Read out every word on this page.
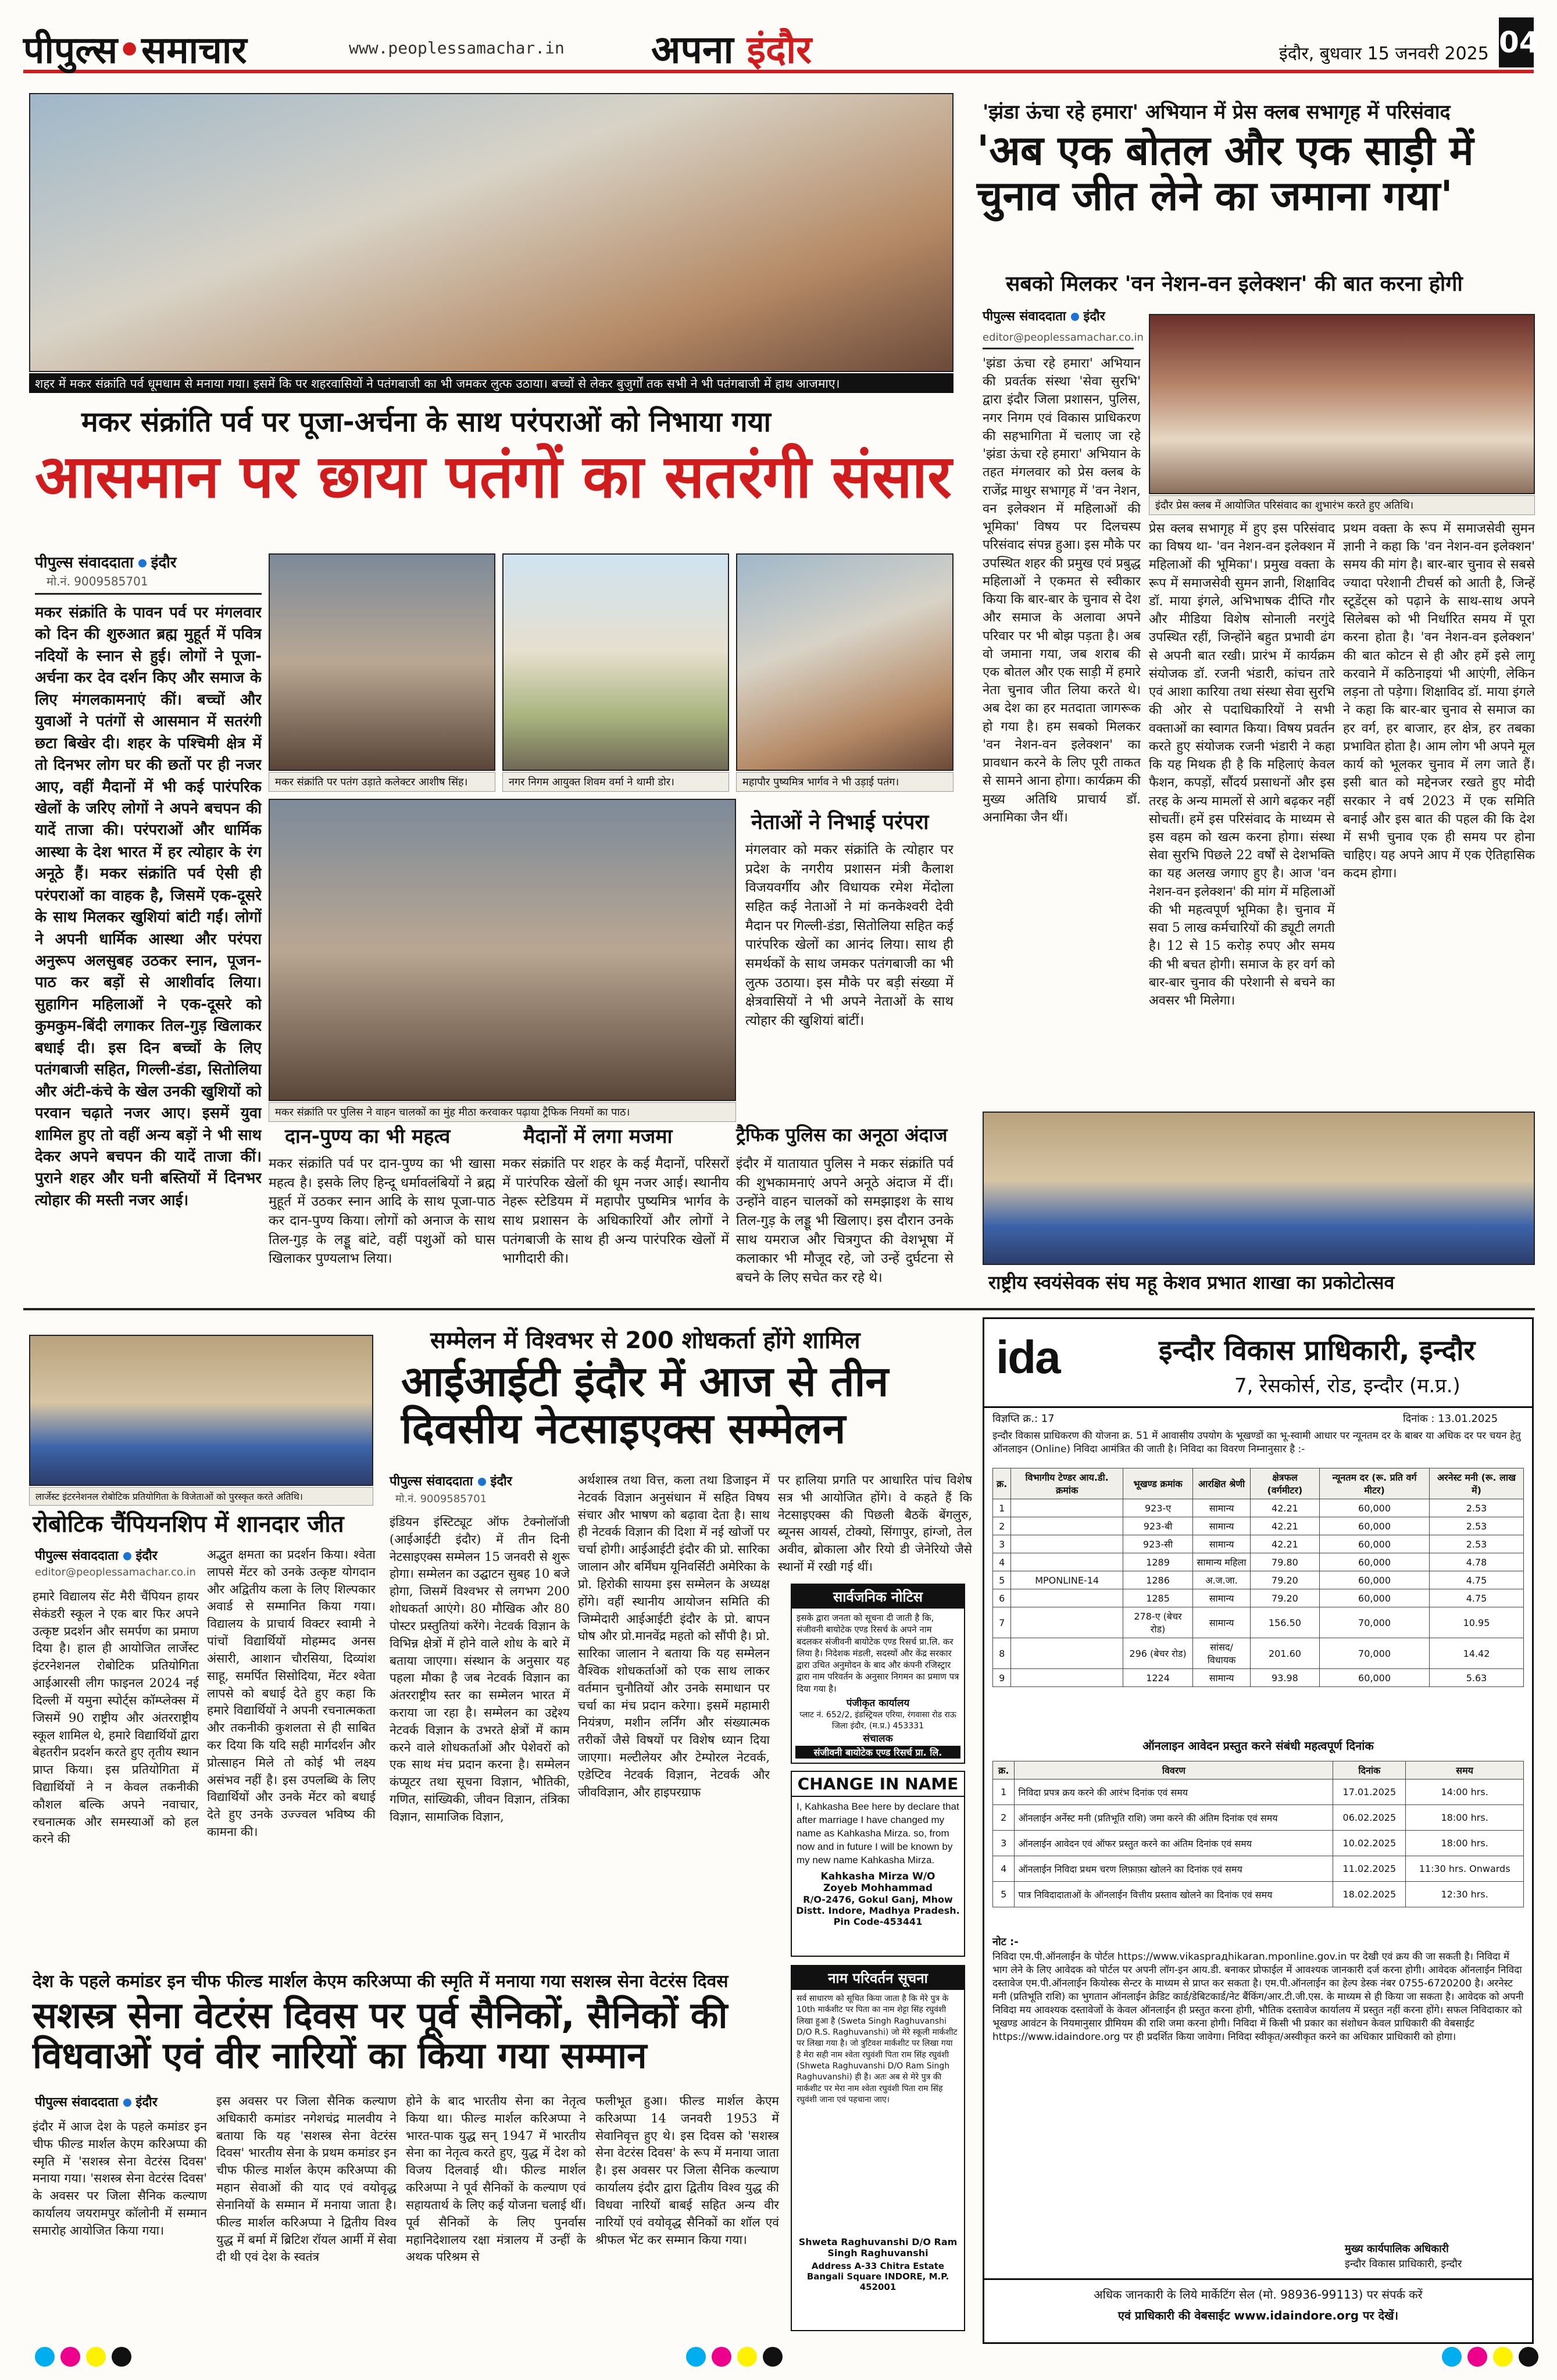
पीपुल्स•समाचार	www.peoplessamachar.in अपना इंदौर	इंदौर, बुधवार 15 जनवरी 2025 04
शहर में मकर संक्रांति पर्व धूमधाम से मनाया गया। इसमें कि पर शहरवासियों ने पतंगबाजी का भी जमकर लुत्फ उठाया। बच्चों से लेकर बुजुर्गों तक सभी ने भी पतंगबाजी में हाथ आजमाए।
मकर संक्रांति पर्व पर पूजा-अर्चना के साथ परंपराओं को निभाया गया
आसमान पर छाया पतंगों का सतरंगी संसार
पीपुल्स संवाददाता इंदौर
मो.नं. 9009585701
मकर संक्रांति के पावन पर्व पर मंगलवार को दिन की शुरुआत ब्रह्म मुहूर्त में पवित्र नदियों के स्नान से हुई। लोगों ने पूजा-अर्चना कर देव दर्शन किए और समाज के लिए मंगलकामनाएं कीं। बच्चों और युवाओं ने पतंगों से आसमान में सतरंगी छटा बिखेर दी। शहर के पश्चिमी क्षेत्र में तो दिनभर लोग घर की छतों पर ही नजर आए, वहीं मैदानों में भी कई पारंपरिक खेलों के जरिए लोगों ने अपने बचपन की यादें ताजा की। परंपराओं और धार्मिक आस्था के देश भारत में हर त्योहार के रंग अनूठे हैं। मकर संक्रांति पर्व ऐसी ही परंपराओं का वाहक है, जिसमें एक-दूसरे के साथ मिलकर खुशियां बांटी गईं। लोगों ने अपनी धार्मिक आस्था और परंपरा अनुरूप अलसुबह उठकर स्नान, पूजन-पाठ कर बड़ों से आशीर्वाद लिया। सुहागिन महिलाओं ने एक-दूसरे को कुमकुम-बिंदी लगाकर तिल-गुड़ खिलाकर बधाई दी। इस दिन बच्चों के लिए पतंगबाजी सहित, गिल्ली-डंडा, सितोलिया और अंटी-कंचे के खेल उनकी खुशियों को परवान चढ़ाते नजर आए। इसमें युवा शामिल हुए तो वहीं अन्य बड़ों ने भी साथ देकर अपने बचपन की यादें ताजा कीं। पुराने शहर और घनी बस्तियों में दिनभर त्योहार की मस्ती नजर आई।
मकर संक्रांति पर पतंग उड़ाते कलेक्टर आशीष सिंह।	नगर निगम आयुक्त शिवम वर्मा ने थामी डोर।	महापौर पुष्यमित्र भार्गव ने भी उड़ाई पतंग।
मकर संक्रांति पर पुलिस ने वाहन चालकों का मुंह मीठा करवाकर पढ़ाया ट्रैफिक नियमों का पाठ।
नेताओं ने निभाई परंपरा
मंगलवार को मकर संक्रांति के त्योहार पर प्रदेश के नगरीय प्रशासन मंत्री कैलाश विजयवर्गीय और विधायक रमेश मेंदोला सहित कई नेताओं ने मां कनकेश्वरी देवी मैदान पर गिल्ली-डंडा, सितोलिया सहित कई पारंपरिक खेलों का आनंद लिया। साथ ही समर्थकों के साथ जमकर पतंगबाजी का भी लुत्फ उठाया। इस मौके पर बड़ी संख्या में क्षेत्रवासियों ने भी अपने नेताओं के साथ त्योहार की खुशियां बांटीं।
दान-पुण्य का भी महत्व
मकर संक्रांति पर्व पर दान-पुण्य का भी खासा महत्व है। इसके लिए हिन्दू धर्मावलंबियों ने ब्रह्म मुहूर्त में उठकर स्नान आदि के साथ पूजा-पाठ कर दान-पुण्य किया। लोगों को अनाज के साथ तिल-गुड़ के लड्डू बांटे, वहीं पशुओं को घास खिलाकर पुण्यलाभ लिया।
मैदानों में लगा मजमा
मकर संक्रांति पर शहर के कई मैदानों, परिसरों में पारंपरिक खेलों की धूम नजर आई। स्थानीय नेहरू स्टेडियम में महापौर पुष्यमित्र भार्गव के साथ प्रशासन के अधिकारियों और लोगों ने पतंगबाजी के साथ ही अन्य पारंपरिक खेलों में भागीदारी की।
ट्रैफिक पुलिस का अनूठा अंदाज
इंदौर में यातायात पुलिस ने मकर संक्रांति पर्व की शुभकामनाएं अपने अनूठे अंदाज में दीं। उन्होंने वाहन चालकों को समझाइश के साथ तिल-गुड़ के लड्डू भी खिलाए। इस दौरान उनके साथ यमराज और चित्रगुप्त की वेशभूषा में कलाकार भी मौजूद रहे, जो उन्हें दुर्घटना से बचने के लिए सचेत कर रहे थे।
'झंडा ऊंचा रहे हमारा' अभियान में प्रेस क्लब सभागृह में परिसंवाद
'अब एक बोतल और एक साड़ी में चुनाव जीत लेने का जमाना गया'
सबको मिलकर 'वन नेशन-वन इलेक्शन' की बात करना होगी
पीपुल्स संवाददाता इंदौर
editor@peoplessamachar.co.in
'झंडा ऊंचा रहे हमारा' अभियान की प्रवर्तक संस्था 'सेवा सुरभि' द्वारा इंदौर जिला प्रशासन, पुलिस, नगर निगम एवं विकास प्राधिकरण की सहभागिता में चलाए जा रहे 'झंडा ऊंचा रहे हमारा' अभियान के तहत मंगलवार को प्रेस क्लब के राजेंद्र माथुर सभागृह में 'वन नेशन, वन इलेक्शन में महिलाओं की भूमिका' विषय पर दिलचस्प परिसंवाद संपन्न हुआ। इस मौके पर उपस्थित शहर की प्रमुख एवं प्रबुद्ध महिलाओं ने एकमत से स्वीकार किया कि बार-बार के चुनाव से देश और समाज के अलावा अपने परिवार पर भी बोझ पड़ता है। अब वो जमाना गया, जब शराब की एक बोतल और एक साड़ी में हमारे नेता चुनाव जीत लिया करते थे। अब देश का हर मतदाता जागरूक हो गया है। हम सबको मिलकर 'वन नेशन-वन इलेक्शन' का प्रावधान करने के लिए पूरी ताकत से सामने आना होगा। कार्यक्रम की मुख्य अतिथि प्राचार्य डॉ. अनामिका जैन थीं।
इंदौर प्रेस क्लब में आयोजित परिसंवाद का शुभारंभ करते हुए अतिथि।
प्रेस क्लब सभागृह में हुए इस परिसंवाद का विषय था- 'वन नेशन-वन इलेक्शन में महिलाओं की भूमिका'। प्रमुख वक्ता के रूप में समाजसेवी सुमन ज्ञानी, शिक्षाविद डॉ. माया इंगले, अभिभाषक दीप्ति गौर और मीडिया विशेष सोनाली नरगुंदे उपस्थित रहीं, जिन्होंने बहुत प्रभावी ढंग से अपनी बात रखी। प्रारंभ में कार्यक्रम संयोजक डॉ. रजनी भंडारी, कांचन तारे एवं आशा कारिया तथा संस्था सेवा सुरभि की ओर से पदाधिकारियों ने सभी वक्ताओं का स्वागत किया। विषय प्रवर्तन करते हुए संयोजक रजनी भंडारी ने कहा कि यह मिथक ही है कि महिलाएं केवल फैशन, कपड़ों, सौंदर्य प्रसाधनों और इस तरह के अन्य मामलों से आगे बढ़कर नहीं सोचतीं। हमें इस परिसंवाद के माध्यम से इस वहम को खत्म करना होगा। संस्था सेवा सुरभि पिछले 22 वर्षों से देशभक्ति का यह अलख जगाए हुए है। आज 'वन नेशन-वन इलेक्शन' की मांग में महिलाओं की भी महत्वपूर्ण भूमिका है। चुनाव में सवा 5 लाख कर्मचारियों की ड्यूटी लगती है। 12 से 15 करोड़ रुपए और समय की भी बचत होगी। समाज के हर वर्ग को बार-बार चुनाव की परेशानी से बचने का अवसर भी मिलेगा।
प्रथम वक्ता के रूप में समाजसेवी सुमन ज्ञानी ने कहा कि 'वन नेशन-वन इलेक्शन' समय की मांग है। बार-बार चुनाव से सबसे ज्यादा परेशानी टीचर्स को आती है, जिन्हें स्टूडेंट्स को पढ़ाने के साथ-साथ अपने सिलेबस को भी निर्धारित समय में पूरा करना होता है। 'वन नेशन-वन इलेक्शन' की बात कोटन से ही और हमें इसे लागू करवाने में कठिनाइयां भी आएंगी, लेकिन लड़ना तो पड़ेगा। शिक्षाविद डॉ. माया इंगले ने कहा कि बार-बार चुनाव से समाज का हर वर्ग, हर बाजार, हर क्षेत्र, हर तबका प्रभावित होता है। आम लोग भी अपने मूल कार्य को भूलकर चुनाव में लग जाते हैं। इसी बात को मद्देनजर रखते हुए मोदी सरकार ने वर्ष 2023 में एक समिति बनाई और इस बात की पहल की कि देश में सभी चुनाव एक ही समय पर होना चाहिए। यह अपने आप में एक ऐतिहासिक कदम होगा।
राष्ट्रीय स्वयंसेवक संघ महू केशव प्रभात शाखा का प्रकोटोत्सव
लार्जेस्ट इंटरनेशनल रोबोटिक प्रतियोगिता के विजेताओं को पुरस्कृत करते अतिथि।
रोबोटिक चैंपियनशिप में शानदार जीत
पीपुल्स संवाददाता इंदौर
editor@peoplessamachar.co.in
हमारे विद्यालय सेंट मैरी चैंपियन हायर सेकंडरी स्कूल ने एक बार फिर अपने उत्कृष्ट प्रदर्शन और समर्पण का प्रमाण दिया है। हाल ही आयोजित लार्जेस्ट इंटरनेशनल रोबोटिक प्रतियोगिता आईआरसी लीग फाइनल 2024 नई दिल्ली में यमुना स्पोर्ट्स कॉम्प्लेक्स में जिसमें 90 राष्ट्रीय और अंतरराष्ट्रीय स्कूल शामिल थे, हमारे विद्यार्थियों द्वारा बेहतरीन प्रदर्शन करते हुए तृतीय स्थान प्राप्त किया। इस प्रतियोगिता में विद्यार्थियों ने न केवल तकनीकी कौशल बल्कि अपने नवाचार, रचनात्मक और समस्याओं को हल करने की
अद्भुत क्षमता का प्रदर्शन किया। श्वेता लापसे मेंटर को उनके उत्कृष्ट योगदान और अद्वितीय कला के लिए शिल्पकार अवार्ड से सम्मानित किया गया। विद्यालय के प्राचार्य विक्टर स्वामी ने पांचों विद्यार्थियों मोहम्मद अनस अंसारी, आशान चौरसिया, दिव्यांश साहू, समर्पित सिसोदिया, मेंटर श्वेता लापसे को बधाई देते हुए कहा कि हमारे विद्यार्थियों ने अपनी रचनात्मकता और तकनीकी कुशलता से ही साबित कर दिया कि यदि सही मार्गदर्शन और प्रोत्साहन मिले तो कोई भी लक्ष्य असंभव नहीं है। इस उपलब्धि के लिए विद्यार्थियों और उनके मेंटर को बधाई देते हुए उनके उज्ज्वल भविष्य की कामना की।
सम्मेलन में विश्वभर से 200 शोधकर्ता होंगे शामिल
आईआईटी इंदौर में आज से तीन दिवसीय नेटसाइएक्स सम्मेलन
पीपुल्स संवाददाता इंदौर
मो.नं. 9009585701
इंडियन इंस्टिट्यूट ऑफ टेक्नोलॉजी (आईआईटी इंदौर) में तीन दिनी नेटसाइएक्स सम्मेलन 15 जनवरी से शुरू होगा। सम्मेलन का उद्घाटन सुबह 10 बजे होगा, जिसमें विश्वभर से लगभग 200 शोधकर्ता आएंगे। 80 मौखिक और 80 पोस्टर प्रस्तुतियां करेंगे। नेटवर्क विज्ञान के विभिन्न क्षेत्रों में होने वाले शोध के बारे में बताया जाएगा। संस्थान के अनुसार यह पहला मौका है जब नेटवर्क विज्ञान का अंतरराष्ट्रीय स्तर का सम्मेलन भारत में कराया जा रहा है। सम्मेलन का उद्देश्य नेटवर्क विज्ञान के उभरते क्षेत्रों में काम करने वाले शोधकर्ताओं और पेशेवरों को एक साथ मंच प्रदान करना है। सम्मेलन कंप्यूटर तथा सूचना विज्ञान, भौतिकी, गणित, सांख्यिकी, जीवन विज्ञान, तंत्रिका विज्ञान, सामाजिक विज्ञान,
अर्थशास्त्र तथा वित्त, कला तथा डिजाइन में नेटवर्क विज्ञान अनुसंधान में सहित विषय संचार और भाषण को बढ़ावा देता है। साथ ही नेटवर्क विज्ञान की दिशा में नई खोजों पर चर्चा होगी। आईआईटी इंदौर की प्रो. सारिका जालान और बर्मिंघम यूनिवर्सिटी अमेरिका के प्रो. हिरोकी सायमा इस सम्मेलन के अध्यक्ष होंगे। वहीं स्थानीय आयोजन समिति की जिम्मेदारी आईआईटी इंदौर के प्रो. बापन घोष और प्रो.मानवेंद्र महतो को सौंपी है। प्रो. सारिका जालान ने बताया कि यह सम्मेलन वैश्विक शोधकर्ताओं को एक साथ लाकर वर्तमान चुनौतियों और उनके समाधान पर चर्चा का मंच प्रदान करेगा। इसमें महामारी नियंत्रण, मशीन लर्निंग और संख्यात्मक तरीकों जैसे विषयों पर विशेष ध्यान दिया जाएगा। मल्टीलेयर और टेम्पोरल नेटवर्क, एडेप्टिव नेटवर्क विज्ञान, नेटवर्क और जीवविज्ञान, और हाइपरग्राफ
पर हालिया प्रगति पर आधारित पांच विशेष सत्र भी आयोजित होंगे। वे कहते हैं कि नेटसाइएक्स की पिछली बैठकें बेंगलुरु, ब्यूनस आयर्स, टोक्यो, सिंगापुर, हांग्जो, तेल अवीव, ब्रोकाला और रियो डी जेनेरियो जैसे स्थानों में रखी गई थीं।
सार्वजनिक नोटिस
इसके द्वारा जनता को सूचना दी जाती है कि, संजीवनी बायोटेक एण्ड रिसर्च के अपने नाम बदलकर संजीवनी बायोटेक एण्ड रिसर्च प्रा.लि. कर लिया है। निदेशक मंडली, सदस्यों और केंद्र सरकार द्वारा उचित अनुमोदन के बाद और कंपनी रजिस्ट्रार द्वारा नाम परिवर्तन के अनुसार निगमन का प्रमाण पत्र दिया गया है।
पंजीकृत कार्यालय
प्लाट नं. 652/2, इंडस्ट्रियल एरिया, रंगवासा रोड राऊ जिला इंदौर, (म.प्र.) 453331
संचालक
संजीवनी बायोटेक एण्ड रिसर्च प्रा. लि.
CHANGE IN NAME
I, Kahkasha Bee here by declare that after marriage I have changed my name as Kahkasha Mirza. so, from now and in future I will be known by my new name Kahkasha Mirza.
Kahkasha Mirza W/O
Zoyeb Mohhammad
R/O-2476, Gokul Ganj, Mhow Distt. Indore, Madhya Pradesh. Pin Code-453441
देश के पहले कमांडर इन चीफ फील्ड मार्शल केएम करिअप्पा की स्मृति में मनाया गया सशस्त्र सेना वेटरंस दिवस
सशस्त्र सेना वेटरंस दिवस पर पूर्व सैनिकों, सैनिकों की विधवाओं एवं वीर नारियों का किया गया सम्मान
पीपुल्स संवाददाता इंदौर
इंदौर में आज देश के पहले कमांडर इन चीफ फील्ड मार्शल केएम करिअप्पा की स्मृति में 'सशस्त्र सेना वेटरंस दिवस' मनाया गया। 'सशस्त्र सेना वेटरंस दिवस' के अवसर पर जिला सैनिक कल्याण कार्यालय जयरामपुर कॉलोनी में सम्मान समारोह आयोजित किया गया।
इस अवसर पर जिला सैनिक कल्याण अधिकारी कमांडर नगेशचंद्र मालवीय ने बताया कि यह 'सशस्त्र सेना वेटरंस दिवस' भारतीय सेना के प्रथम कमांडर इन चीफ फील्ड मार्शल केएम करिअप्पा की महान सेवाओं की याद एवं वयोवृद्ध सेनानियों के सम्मान में मनाया जाता है। फील्ड मार्शल करिअप्पा ने द्वितीय विश्व युद्ध में बर्मा में ब्रिटिश रॉयल आर्मी में सेवा दी थी एवं देश के स्वतंत्र
होने के बाद भारतीय सेना का नेतृत्व किया था। फील्ड मार्शल करिअप्पा ने भारत-पाक युद्ध सन् 1947 में भारतीय सेना का नेतृत्व करते हुए, युद्ध में देश को विजय दिलवाई थी। फील्ड मार्शल करिअप्पा ने पूर्व सैनिकों के कल्याण एवं सहायतार्थ के लिए कई योजना चलाई थीं। पूर्व सैनिकों के लिए पुनर्वास महानिदेशालय रक्षा मंत्रालय में उन्हीं के अथक परिश्रम से
फलीभूत हुआ। फील्ड मार्शल केएम करिअप्पा 14 जनवरी 1953 में सेवानिवृत्त हुए थे। इस दिवस को 'सशस्त्र सेना वेटरंस दिवस' के रूप में मनाया जाता है। इस अवसर पर जिला सैनिक कल्याण कार्यालय इंदौर द्वारा द्वितीय विश्व युद्ध की विधवा नारियों बाबई सहित अन्य वीर नारियों एवं वयोवृद्ध सैनिकों का शॉल एवं श्रीफल भेंट कर सम्मान किया गया।
नाम परिवर्तन सूचना
सर्व साधारण को सूचित किया जाता है कि मेरे पुत्र के 10th मार्कशीट पर पिता का नाम शेट्टा सिंह रघुवंशी लिखा हुआ है (Sweta Singh Raghuvanshi D/O R.S. Raghuvanshi) जो मेरे स्कूली मार्कशीट पर लिखा गया है। जो त्रुटिवश मार्कशीट पर लिखा गया है मेरा सही नाम श्वेता रघुवंशी पिता राम सिंह रघुवंशी (Shweta Raghuvanshi D/O Ram Singh Raghuvanshi) ही है। अतः अब से मेरे पुत्र की मार्कशीट पर मेरा नाम श्वेता रघुवंशी पिता राम सिंह रघुवंशी जाना एवं पहचाना जाए।
Shweta Raghuvanshi D/O Ram Singh Raghuvanshi
Address A-33 Chitra Estate Bangali Square INDORE, M.P. 452001
ida	इन्दौर विकास प्राधिकारी, इन्दौर
7, रेसकोर्स, रोड, इन्दौर (म.प्र.)
विज्ञप्ति क्र.: 17	दिनांक : 13.01.2025
इन्दौर विकास प्राधिकरण की योजना क्र. 51 में आवासीय उपयोग के भूखण्डों का भू-स्वामी आधार पर न्यूनतम दर के बाबर या अधिक दर पर चयन हेतु ऑनलाइन (Online) निविदा आमंत्रित की जाती है। निविदा का विवरण निम्नानुसार है :-
क्र.	विभागीय टेण्डर आय.डी. क्रमांक	भूखण्ड क्रमांक	आरक्षित श्रेणी	क्षेत्रफल (वर्गमीटर)	न्यूनतम दर (रू. प्रति वर्ग मीटर)	अरनेस्ट मनी (रू. लाख में)
1		923-ए	सामान्य	42.21	60,000	2.53
2		923-बी	सामान्य	42.21	60,000	2.53
3		923-सी	सामान्य	42.21	60,000	2.53
4		1289	सामान्य महिला	79.80	60,000	4.78
5	MPONLINE-14	1286	अ.ज.जा.	79.20	60,000	4.75
6		1285	सामान्य	79.20	60,000	4.75
7		278-ए (बेचर रोड)	सामान्य	156.50	70,000	10.95
8		296 (बेचर रोड)	सांसद/विधायक	201.60	70,000	14.42
9		1224	सामान्य	93.98	60,000	5.63
ऑनलाइन आवेदन प्रस्तुत करने संबंधी महत्वपूर्ण दिनांक
क्र.	विवरण	दिनांक	समय
1	निविदा प्रपत्र क्रय करने की आरंभ दिनांक एवं समय	17.01.2025	14:00 hrs.
2	ऑनलाईन अर्नेस्ट मनी (प्रतिभूति राशि) जमा करने की अंतिम दिनांक एवं समय	06.02.2025	18:00 hrs.
3	ऑनलाईन आवेदन एवं ऑफर प्रस्तुत करने का अंतिम दिनांक एवं समय	10.02.2025	18:00 hrs.
4	ऑनलाईन निविदा प्रथम चरण लिफ़ाफ़ा खोलने का दिनांक एवं समय	11.02.2025	11:30 hrs. Onwards
5	पात्र निविदादाताओं के ऑनलाईन वित्तीय प्रस्ताव खोलने का दिनांक एवं समय	18.02.2025	12:30 hrs.
नोट :-
निविदा एम.पी.ऑनलाईन के पोर्टल https://www.vikasprадhikaran.mponline.gov.in पर देखी एवं क्रय की जा सकती है। निविदा में भाग लेने के लिए आवेदक को पोर्टल पर अपनी लॉग-इन आय.डी. बनाकर प्रोफाईल में आवश्यक जानकारी दर्ज करना होगी। आवेदक ऑनलाईन निविदा दस्तावेज एम.पी.ऑनलाईन कियोस्क सेन्टर के माध्यम से प्राप्त कर सकता है। एम.पी.ऑनलाईन का हेल्प डेस्क नंबर 0755-6720200 है। अरनेस्ट मनी (प्रतिभूति राशि) का भुगतान ऑनलाईन क्रेडिट कार्ड/डेबिटकार्ड/नेट बैंकिंग/आर.टी.जी.एस. के माध्यम से ही किया जा सकता है। आवेदक को अपनी निविदा मय आवश्यक दस्तावेजों के केवल ऑनलाईन ही प्रस्तुत करना होगी, भौतिक दस्तावेज कार्यालय में प्रस्तुत नहीं करना होंगे। सफल निविदाकार को भूखण्ड आवंटन के नियमानुसार प्रीमियम की राशि जमा करना होगी। निविदा में किसी भी प्रकार का संशोधन केवल प्राधिकारी की वेबसाईट https://www.idaindore.org पर ही प्रदर्शित किया जावेगा। निविदा स्वीकृत/अस्वीकृत करने का अधिकार प्राधिकारी को होगा।
मुख्य कार्यपालिक अधिकारी
इन्दौर विकास प्राधिकारी, इन्दौर
अधिक जानकारी के लिये मार्केटिंग सेल (मो. 98936-99113) पर संपर्क करें
एवं प्राधिकारी की वेबसाईट www.idaindore.org पर देखें।
